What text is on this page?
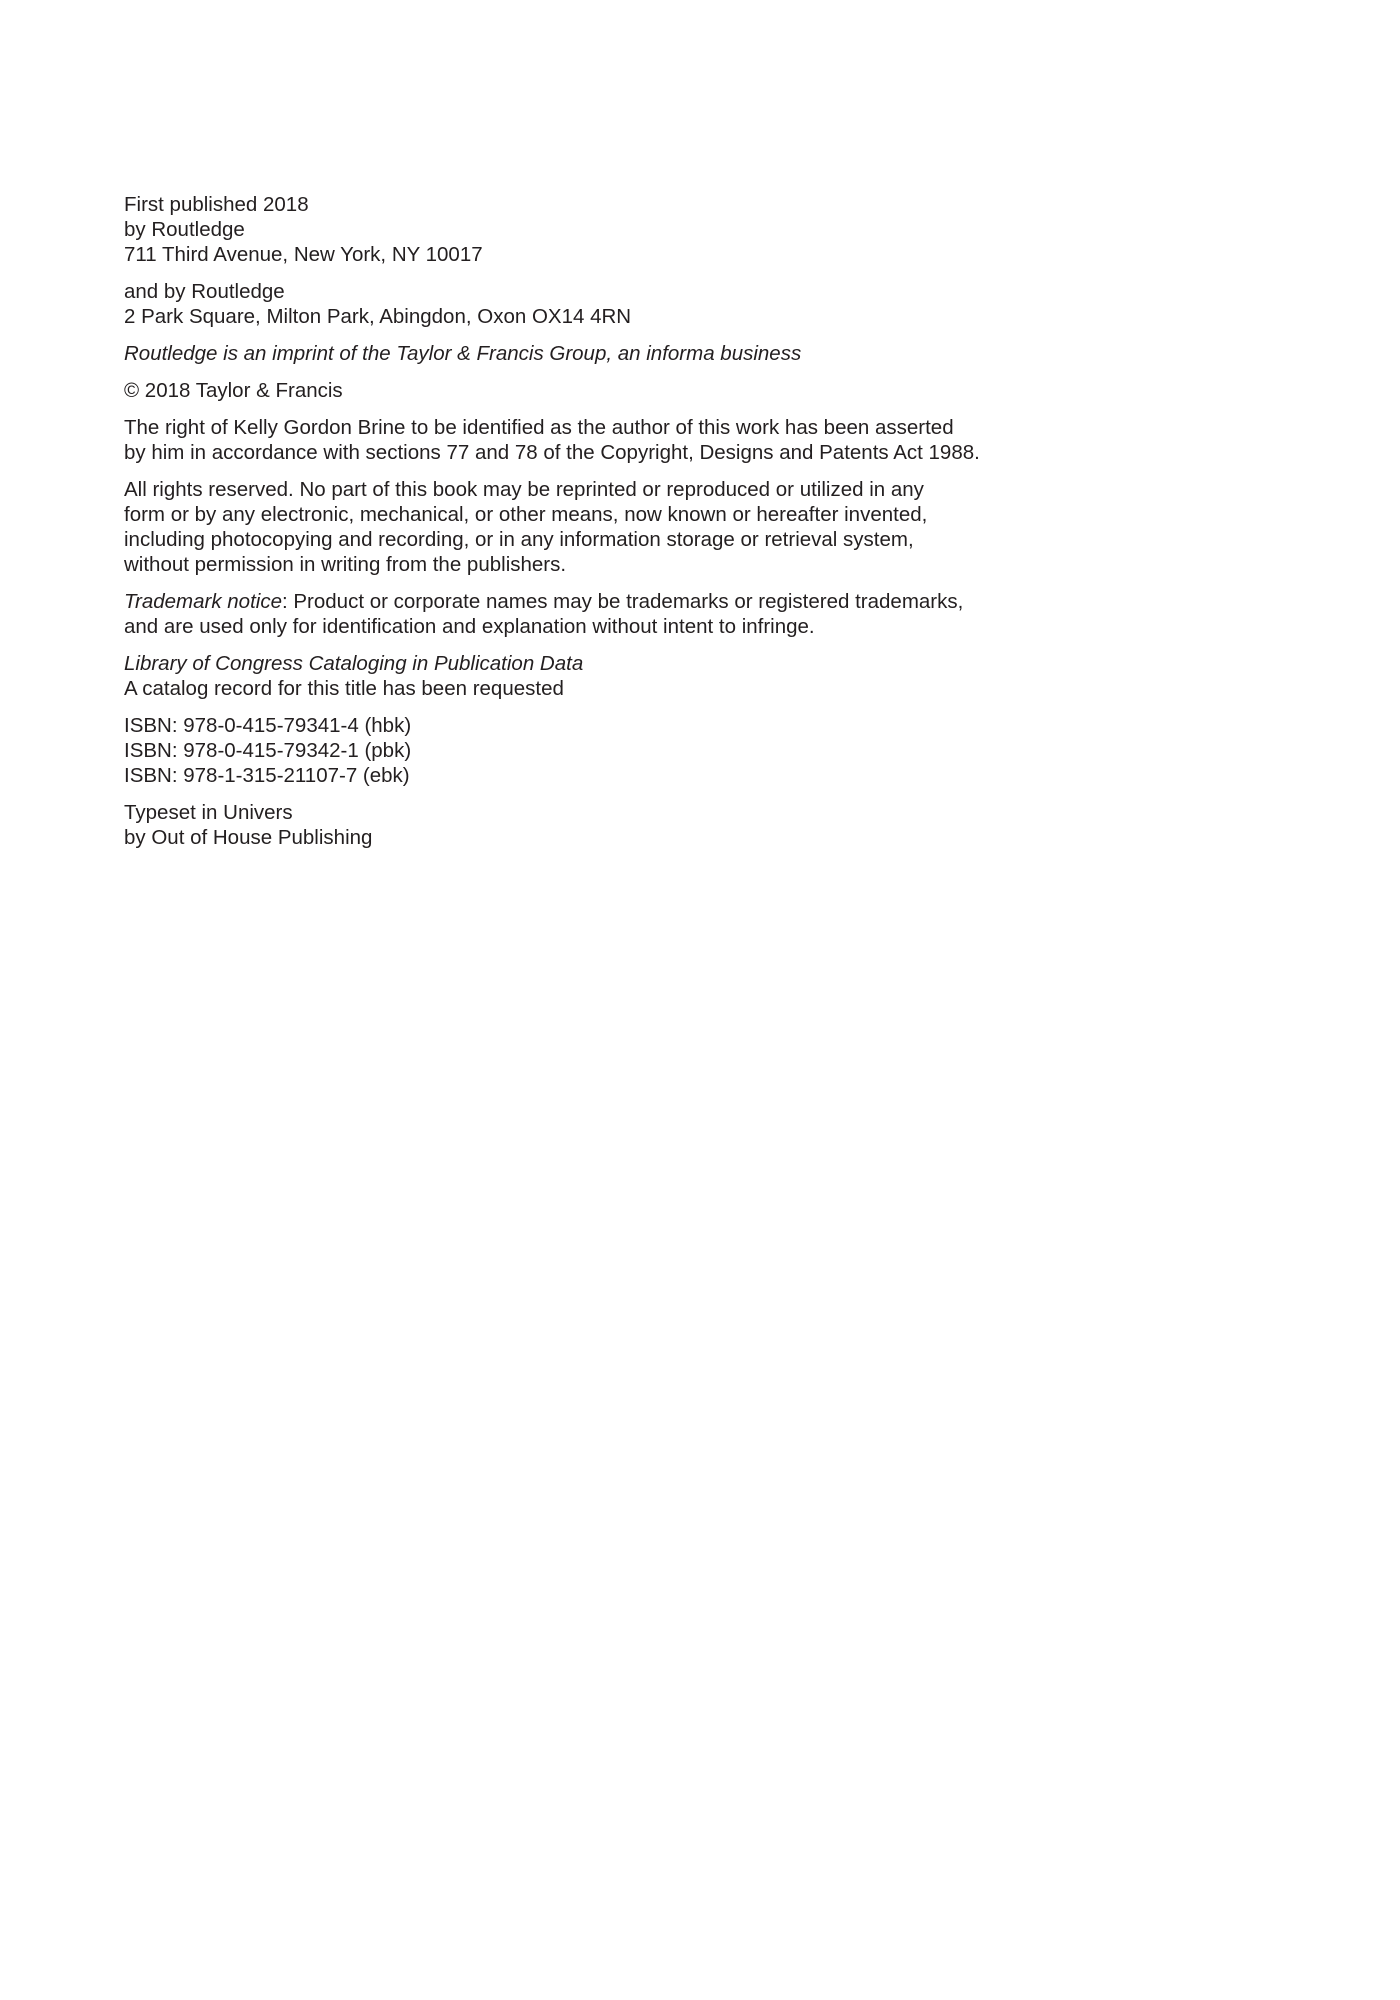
First published 2018
by Routledge
711 Third Avenue, New York, NY 10017
and by Routledge
2 Park Square, Milton Park, Abingdon, Oxon OX14 4RN
Routledge is an imprint of the Taylor & Francis Group, an informa business
© 2018 Taylor & Francis
The right of Kelly Gordon Brine to be identified as the author of this work has been asserted
by him in accordance with sections 77 and 78 of the Copyright, Designs and Patents Act 1988.
All rights reserved. No part of this book may be reprinted or reproduced or utilized in any
form or by any electronic, mechanical, or other means, now known or hereafter invented,
including photocopying and recording, or in any information storage or retrieval system,
without permission in writing from the publishers.
Trademark notice: Product or corporate names may be trademarks or registered trademarks,
and are used only for identification and explanation without intent to infringe.
Library of Congress Cataloging in Publication Data
A catalog record for this title has been requested
ISBN: 978-0-415-79341-4 (hbk)
ISBN: 978-0-415-79342-1 (pbk)
ISBN: 978-1-315-21107-7 (ebk)
Typeset in Univers
by Out of House Publishing
